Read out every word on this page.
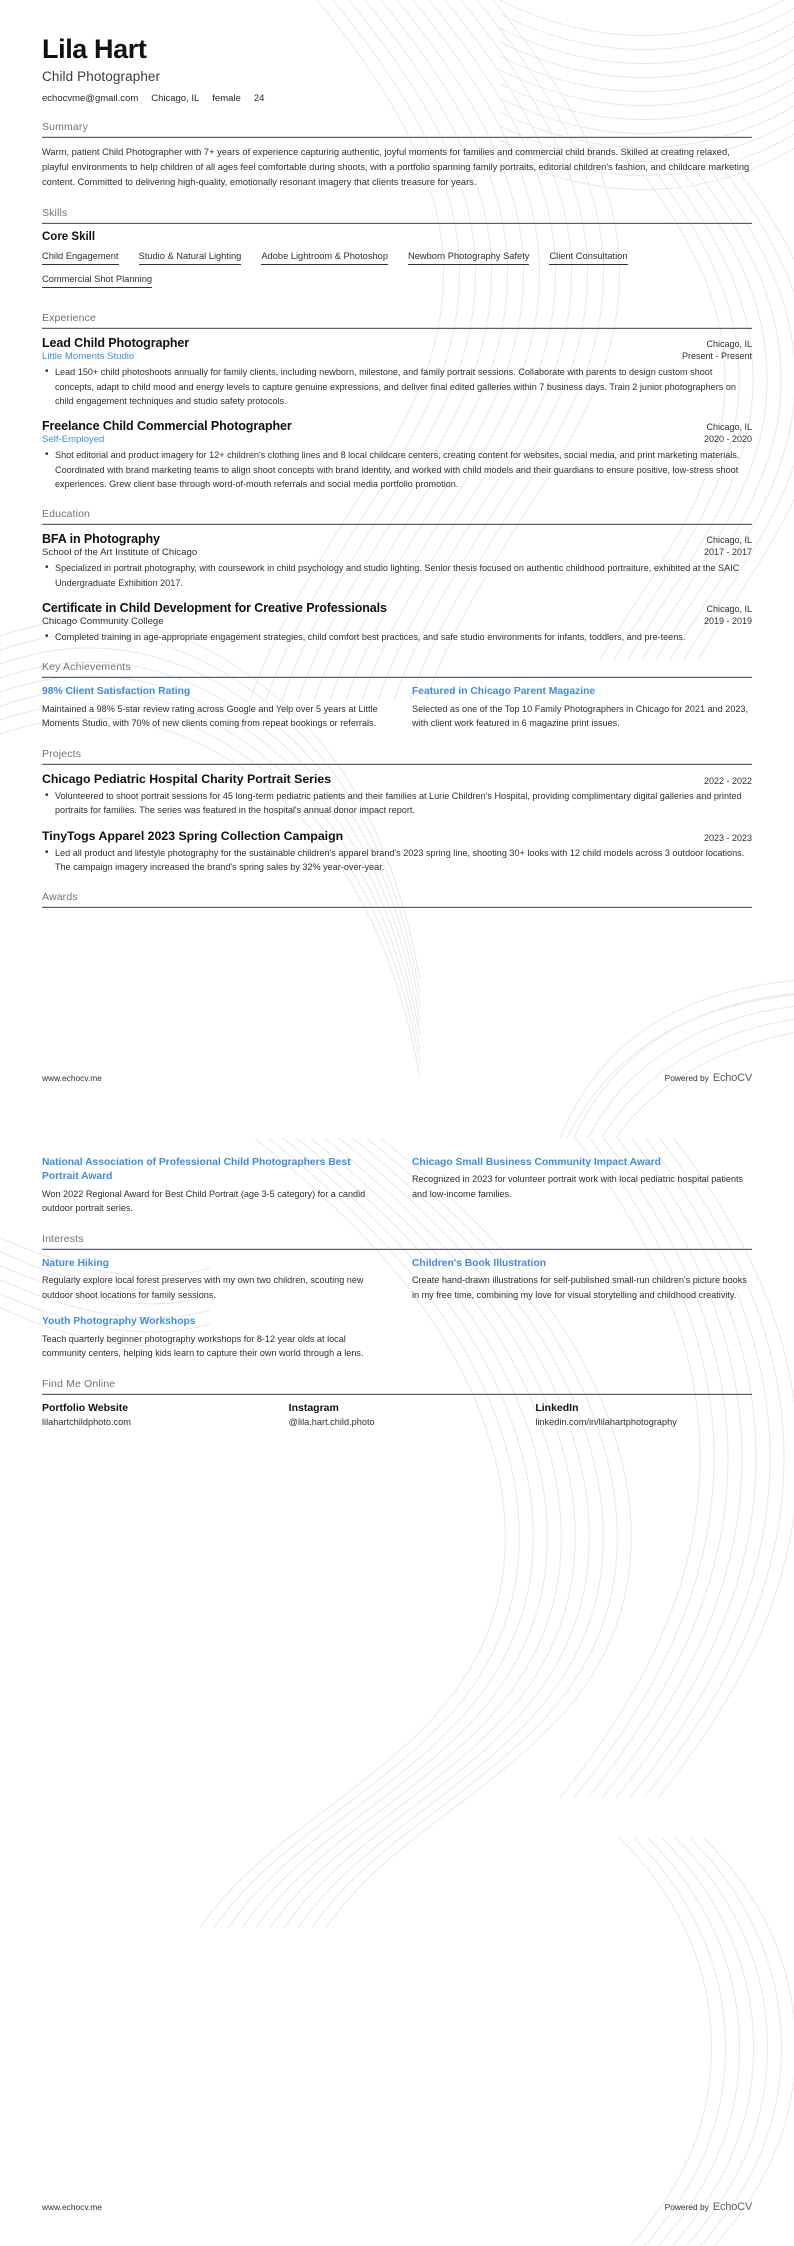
Lila Hart
Child Photographer
echocvme@gmail.com Chicago, IL female 24
Summary

Warm, patient Child Photographer with 7+ years of experience capturing authentic, joyful moments for families and commercial child brands. Skilled at creating relaxed, playful environments to help children of all ages feel comfortable during shoots, with a portfolio spanning family portraits, editorial children's fashion, and childcare marketing content. Committed to delivering high-quality, emotionally resonant imagery that clients treasure for years.

Skills
Core Skill
Child Engagement Studio & Natural Lighting Adobe Lightroom & Photoshop Newborn Photography Safety Client Consultation
Commercial Shot Planning
Experience
Lead Child Photographer	Chicago, IL
Little Moments Studio	Present - Present
• Lead 150+ child photoshoots annually for family clients, including newborn, milestone, and family portrait sessions. Collaborate with parents to design custom shoot concepts, adapt to child mood and energy levels to capture genuine expressions, and deliver final edited galleries within 7 business days. Train 2 junior photographers on child engagement techniques and studio safety protocols.
Freelance Child Commercial Photographer	Chicago, IL
Self-Employed	2020 - 2020
• Shot editorial and product imagery for 12+ children's clothing lines and 8 local childcare centers, creating content for websites, social media, and print marketing materials. Coordinated with brand marketing teams to align shoot concepts with brand identity, and worked with child models and their guardians to ensure positive, low-stress shoot experiences. Grew client base through word-of-mouth referrals and social media portfolio promotion.
Education
BFA in Photography	Chicago, IL
School of the Art Institute of Chicago	2017 - 2017
• Specialized in portrait photography, with coursework in child psychology and studio lighting. Senior thesis focused on authentic childhood portraiture, exhibited at the SAIC Undergraduate Exhibition 2017.
Certificate in Child Development for Creative Professionals	Chicago, IL
Chicago Community College	2019 - 2019
• Completed training in age-appropriate engagement strategies, child comfort best practices, and safe studio environments for infants, toddlers, and pre-teens.
Key Achievements
98% Client Satisfaction Rating
Maintained a 98% 5-star review rating across Google and Yelp over 5 years at Little Moments Studio, with 70% of new clients coming from repeat bookings or referrals.
Featured in Chicago Parent Magazine
Selected as one of the Top 10 Family Photographers in Chicago for 2021 and 2023, with client work featured in 6 magazine print issues.
Projects
Chicago Pediatric Hospital Charity Portrait Series	2022 - 2022
• Volunteered to shoot portrait sessions for 45 long-term pediatric patients and their families at Lurie Children's Hospital, providing complimentary digital galleries and printed portraits for families. The series was featured in the hospital's annual donor impact report.
TinyTogs Apparel 2023 Spring Collection Campaign	2023 - 2023
• Led all product and lifestyle photography for the sustainable children's apparel brand's 2023 spring line, shooting 30+ looks with 12 child models across 3 outdoor locations. The campaign imagery increased the brand's spring sales by 32% year-over-year.
Awards
www.echocv.me	Powered by EchoCV
National Association of Professional Child Photographers Best Portrait Award
Won 2022 Regional Award for Best Child Portrait (age 3-5 category) for a candid outdoor portrait series.
Chicago Small Business Community Impact Award
Recognized in 2023 for volunteer portrait work with local pediatric hospital patients and low-income families.
Interests
Nature Hiking
Regularly explore local forest preserves with my own two children, scouting new outdoor shoot locations for family sessions.
Youth Photography Workshops
Teach quarterly beginner photography workshops for 8-12 year olds at local community centers, helping kids learn to capture their own world through a lens.
Children's Book Illustration
Create hand-drawn illustrations for self-published small-run children's picture books in my free time, combining my love for visual storytelling and childhood creativity.
Find Me Online
Portfolio Website
lilahartchildphoto.com
Instagram
@lila.hart.child.photo
LinkedIn
linkedin.com/in/lilahartphotography
www.echocv.me	Powered by EchoCV
